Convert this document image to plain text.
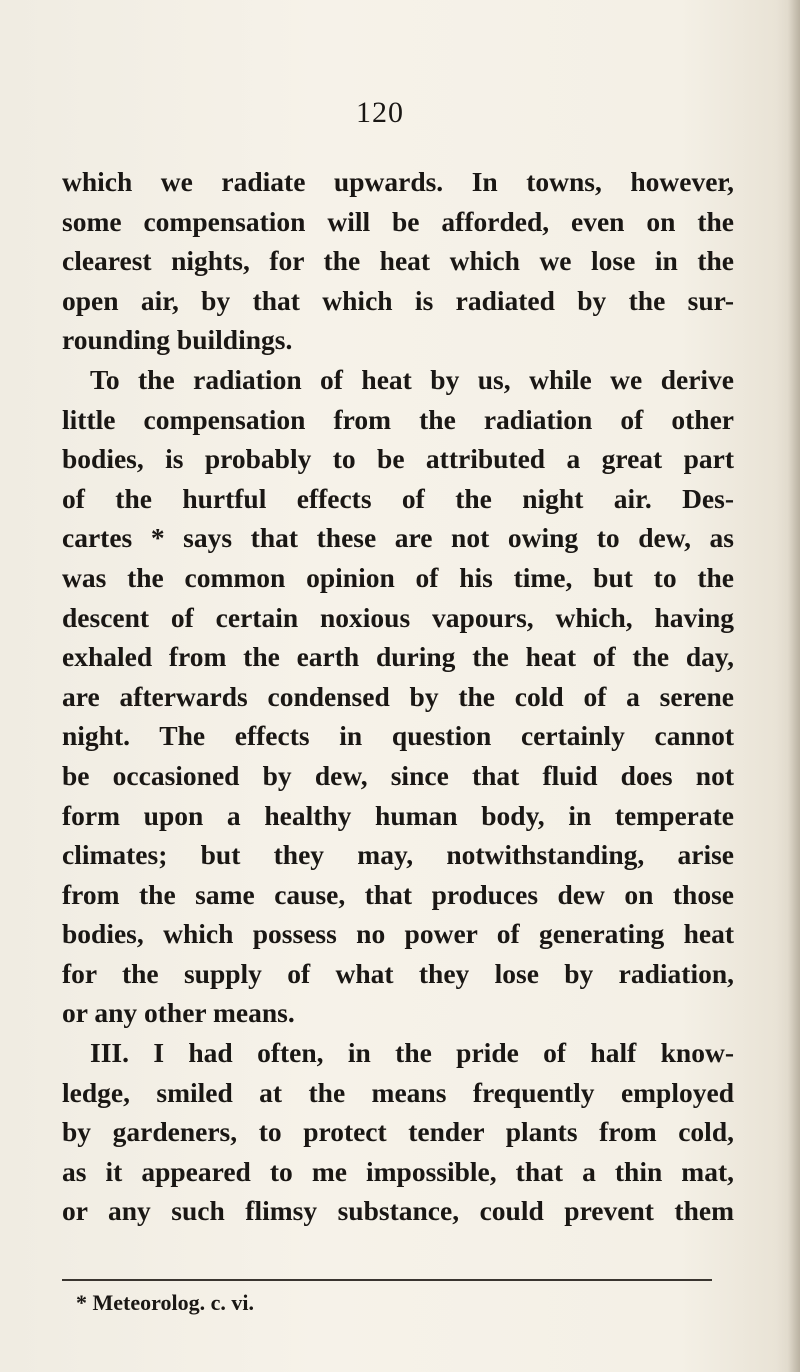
120
which we radiate upwards. In towns, however,
some compensation will be afforded, even on the
clearest nights, for the heat which we lose in the
open air, by that which is radiated by the sur-
rounding buildings.
To the radiation of heat by us, while we derive
little compensation from the radiation of other
bodies, is probably to be attributed a great part
of the hurtful effects of the night air. Des-
cartes * says that these are not owing to dew, as
was the common opinion of his time, but to the
descent of certain noxious vapours, which, having
exhaled from the earth during the heat of the day,
are afterwards condensed by the cold of a serene
night. The effects in question certainly cannot
be occasioned by dew, since that fluid does not
form upon a healthy human body, in temperate
climates; but they may, notwithstanding, arise
from the same cause, that produces dew on those
bodies, which possess no power of generating heat
for the supply of what they lose by radiation,
or any other means.
III. I had often, in the pride of half know-
ledge, smiled at the means frequently employed
by gardeners, to protect tender plants from cold,
as it appeared to me impossible, that a thin mat,
or any such flimsy substance, could prevent them
* Meteorolog. c. vi.
